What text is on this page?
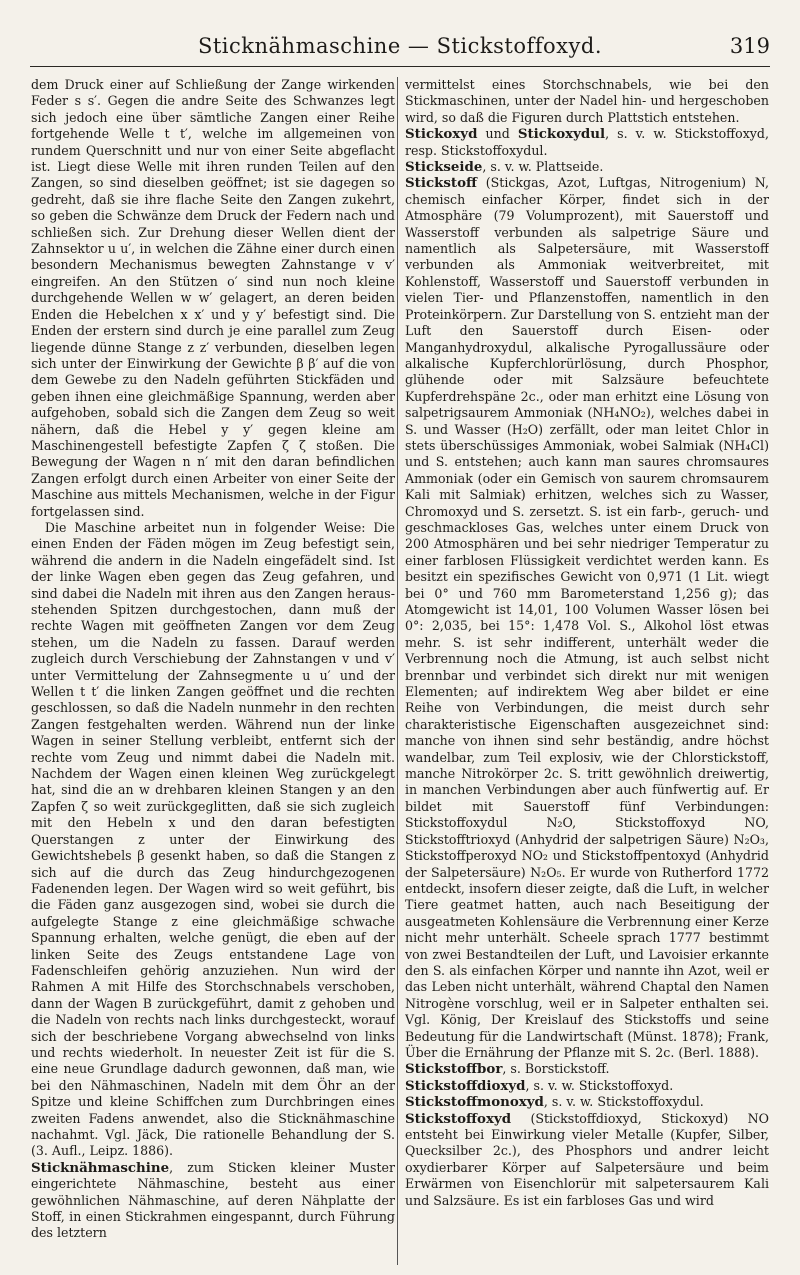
Sticknähmaschine — Stickstoffoxyd.	319

dem Druck einer auf Schließung der Zange wirkenden Feder s s′. Gegen die andre Seite des Schwanzes legt sich jedoch eine über sämtliche Zangen einer Reihe fortgehende Welle t t′, welche im allgemeinen von rundem Querschnitt und nur von einer Seite abgeflacht ist. Liegt diese Welle mit ihren runden Teilen auf den Zangen, so sind dieselben geöffnet; ist sie dagegen so gedreht, daß sie ihre flache Seite den Zangen zukehrt, so geben die Schwänze dem Druck der Federn nach und schließen sich. Zur Drehung dieser Wellen dient der Zahnsektor u u′, in welchen die Zähne einer durch einen besondern Mechanismus bewegten Zahnstange v v′ eingreifen. An den Stützen o′ sind nun noch kleine durchgehende Wellen w w′ gelagert, an deren beiden Enden die Hebelchen x x′ und y y′ befestigt sind. Die Enden der erstern sind durch je eine parallel zum Zeug liegende dünne Stange z z′ verbunden, dieselben legen sich unter der Einwirkung der Gewichte β β′ auf die von dem Gewebe zu den Nadeln geführten Stickfäden und geben ihnen eine gleichmäßige Spannung, werden aber aufgehoben, sobald sich die Zangen dem Zeug so weit nähern, daß die Hebel y y′ gegen kleine am Maschinengestell befestigte Zapfen ζ ζ stoßen. Die Bewegung der Wagen n n′ mit den daran befindlichen Zangen erfolgt durch einen Arbeiter von einer Seite der Maschine aus mittels Mechanismen, welche in der Figur fortgelassen sind.

Die Maschine arbeitet nun in folgender Weise: Die einen Enden der Fäden mögen im Zeug befestigt sein, während die andern in die Nadeln eingefädelt sind. Ist der linke Wagen eben gegen das Zeug gefahren, und sind dabei die Nadeln mit ihren aus den Zangen herausstehenden Spitzen durchgestochen, dann muß der rechte Wagen mit geöffneten Zangen vor dem Zeug stehen, um die Nadeln zu fassen. Darauf werden zugleich durch Verschiebung der Zahnstangen v und v′ unter Vermittelung der Zahnsegmente u u′ und der Wellen t t′ die linken Zangen geöffnet und die rechten geschlossen, so daß die Nadeln nunmehr in den rechten Zangen festgehalten werden. Während nun der linke Wagen in seiner Stellung verbleibt, entfernt sich der rechte vom Zeug und nimmt dabei die Nadeln mit. Nachdem der Wagen einen kleinen Weg zurückgelegt hat, sind die an w drehbaren kleinen Stangen y an den Zapfen ζ so weit zurückgeglitten, daß sie sich zugleich mit den Hebeln x und den daran befestigten Querstangen z unter der Einwirkung des Gewichtshebels β gesenkt haben, so daß die Stangen z sich auf die durch das Zeug hindurchgezogenen Fadenenden legen. Der Wagen wird so weit geführt, bis die Fäden ganz ausgezogen sind, wobei sie durch die aufgelegte Stange z eine gleichmäßige schwache Spannung erhalten, welche genügt, die eben auf der linken Seite des Zeugs entstandene Lage von Fadenschleifen gehörig anzuziehen. Nun wird der Rahmen A mit Hilfe des Storchschnabels verschoben, dann der Wagen B zurückgeführt, damit z gehoben und die Nadeln von rechts nach links durchgesteckt, worauf sich der beschriebene Vorgang abwechselnd von links und rechts wiederholt. In neuester Zeit ist für die S. eine neue Grundlage dadurch gewonnen, daß man, wie bei den Nähmaschinen, Nadeln mit dem Öhr an der Spitze und kleine Schiffchen zum Durchbringen eines zweiten Fadens anwendet, also die Sticknähmaschine nachahmt. Vgl. Jäck, Die rationelle Behandlung der S. (3. Aufl., Leipz. 1886).

Sticknähmaschine, zum Sticken kleiner Muster eingerichtete Nähmaschine, besteht aus einer gewöhnlichen Nähmaschine, auf deren Nähplatte der Stoff, in einen Stickrahmen eingespannt, durch Führung des letztern

vermittelst eines Storchschnabels, wie bei den Stickmaschinen, unter der Nadel hin- und hergeschoben wird, so daß die Figuren durch Plattstich entstehen.

Stickoxyd und Stickoxydul, s. v. w. Stickstoffoxyd, resp. Stickstoffoxydul.

Stickseide, s. v. w. Plattseide.

Stickstoff (Stickgas, Azot, Luftgas, Nitrogenium) N, chemisch einfacher Körper, findet sich in der Atmosphäre (79 Volumprozent), mit Sauerstoff und Wasserstoff verbunden als salpetrige Säure und namentlich als Salpetersäure, mit Wasserstoff verbunden als Ammoniak weitverbreitet, mit Kohlenstoff, Wasserstoff und Sauerstoff verbunden in vielen Tier- und Pflanzenstoffen, namentlich in den Proteinkörpern. Zur Darstellung von S. entzieht man der Luft den Sauerstoff durch Eisen- oder Manganhydroxydul, alkalische Pyrogallussäure oder alkalische Kupferchlorürlösung, durch Phosphor, glühende oder mit Salzsäure befeuchtete Kupferdrehspäne 2c., oder man erhitzt eine Lösung von salpetrigsaurem Ammoniak (NH₄NO₂), welches dabei in S. und Wasser (H₂O) zerfällt, oder man leitet Chlor in stets überschüssiges Ammoniak, wobei Salmiak (NH₄Cl) und S. entstehen; auch kann man saures chromsaures Ammoniak (oder ein Gemisch von saurem chromsaurem Kali mit Salmiak) erhitzen, welches sich zu Wasser, Chromoxyd und S. zersetzt. S. ist ein farb-, geruch- und geschmackloses Gas, welches unter einem Druck von 200 Atmosphären und bei sehr niedriger Temperatur zu einer farblosen Flüssigkeit verdichtet werden kann. Es besitzt ein spezifisches Gewicht von 0,971 (1 Lit. wiegt bei 0° und 760 mm Barometerstand 1,256 g); das Atomgewicht ist 14,01, 100 Volumen Wasser lösen bei 0°: 2,035, bei 15°: 1,478 Vol. S., Alkohol löst etwas mehr. S. ist sehr indifferent, unterhält weder die Verbrennung noch die Atmung, ist auch selbst nicht brennbar und verbindet sich direkt nur mit wenigen Elementen; auf indirektem Weg aber bildet er eine Reihe von Verbindungen, die meist durch sehr charakteristische Eigenschaften ausgezeichnet sind: manche von ihnen sind sehr beständig, andre höchst wandelbar, zum Teil explosiv, wie der Chlorstickstoff, manche Nitrokörper 2c. S. tritt gewöhnlich dreiwertig, in manchen Verbindungen aber auch fünfwertig auf. Er bildet mit Sauerstoff fünf Verbindungen: Stickstoffoxydul N₂O, Stickstoffoxyd NO, Stickstofftrioxyd (Anhydrid der salpetrigen Säure) N₂O₃, Stickstoffperoxyd NO₂ und Stickstoffpentoxyd (Anhydrid der Salpetersäure) N₂O₅. Er wurde von Rutherford 1772 entdeckt, insofern dieser zeigte, daß die Luft, in welcher Tiere geatmet hatten, auch nach Beseitigung der ausgeatmeten Kohlensäure die Verbrennung einer Kerze nicht mehr unterhält. Scheele sprach 1777 bestimmt von zwei Bestandteilen der Luft, und Lavoisier erkannte den S. als einfachen Körper und nannte ihn Azot, weil er das Leben nicht unterhält, während Chaptal den Namen Nitrogène vorschlug, weil er in Salpeter enthalten sei. Vgl. König, Der Kreislauf des Stickstoffs und seine Bedeutung für die Landwirtschaft (Münst. 1878); Frank, Über die Ernährung der Pflanze mit S. 2c. (Berl. 1888).

Stickstoffbor, s. Borstickstoff.

Stickstoffdioxyd, s. v. w. Stickstoffoxyd.

Stickstoffmonoxyd, s. v. w. Stickstoffoxydul.

Stickstoffoxyd (Stickstoffdioxyd, Stickoxyd) NO entsteht bei Einwirkung vieler Metalle (Kupfer, Silber, Quecksilber 2c.), des Phosphors und andrer leicht oxydierbarer Körper auf Salpetersäure und beim Erwärmen von Eisenchlorür mit salpetersaurem Kali und Salzsäure. Es ist ein farbloses Gas und wird
